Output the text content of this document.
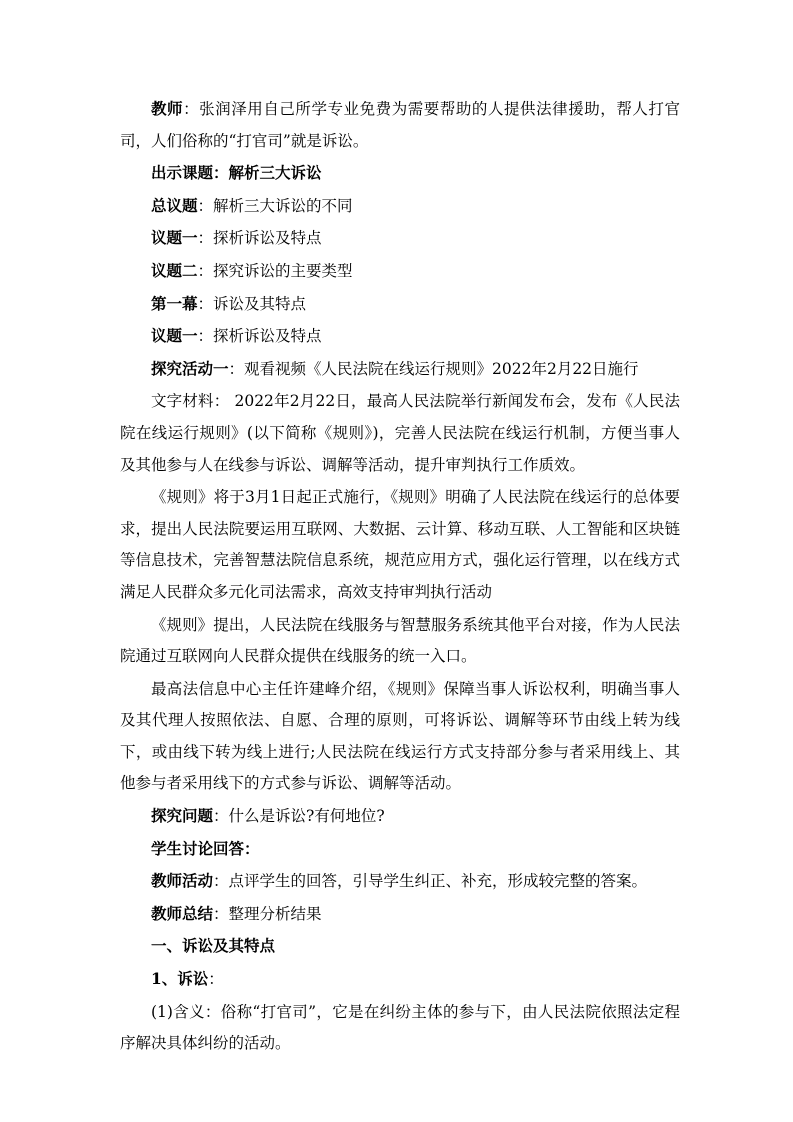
教师：张润泽用自己所学专业免费为需要帮助的人提供法律援助，帮人打官司，人们俗称的“打官司”就是诉讼。

出示课题：解析三大诉讼

总议题：解析三大诉讼的不同

议题一：探析诉讼及特点

议题二：探究诉讼的主要类型

第一幕：诉讼及其特点

议题一：探析诉讼及特点

探究活动一：观看视频《人民法院在线运行规则》2022年2月22日施行

文字材料： 2022年2月22日，最高人民法院举行新闻发布会，发布《人民法院在线运行规则》(以下简称《规则》)，完善人民法院在线运行机制，方便当事人及其他参与人在线参与诉讼、调解等活动，提升审判执行工作质效。

《规则》将于3月1日起正式施行，《规则》明确了人民法院在线运行的总体要求，提出人民法院要运用互联网、大数据、云计算、移动互联、人工智能和区块链等信息技术，完善智慧法院信息系统，规范应用方式，强化运行管理，以在线方式满足人民群众多元化司法需求，高效支持审判执行活动

《规则》提出，人民法院在线服务与智慧服务系统其他平台对接，作为人民法院通过互联网向人民群众提供在线服务的统一入口。

最高法信息中心主任许建峰介绍，《规则》保障当事人诉讼权利，明确当事人及其代理人按照依法、自愿、合理的原则，可将诉讼、调解等环节由线上转为线下，或由线下转为线上进行;人民法院在线运行方式支持部分参与者采用线上、其他参与者采用线下的方式参与诉讼、调解等活动。

探究问题：什么是诉讼?有何地位?

学生讨论回答：

教师活动：点评学生的回答，引导学生纠正、补充，形成较完整的答案。

教师总结：整理分析结果

一、诉讼及其特点

1、诉讼：

(1)含义：俗称“打官司”，它是在纠纷主体的参与下，由人民法院依照法定程序解决具体纠纷的活动。
